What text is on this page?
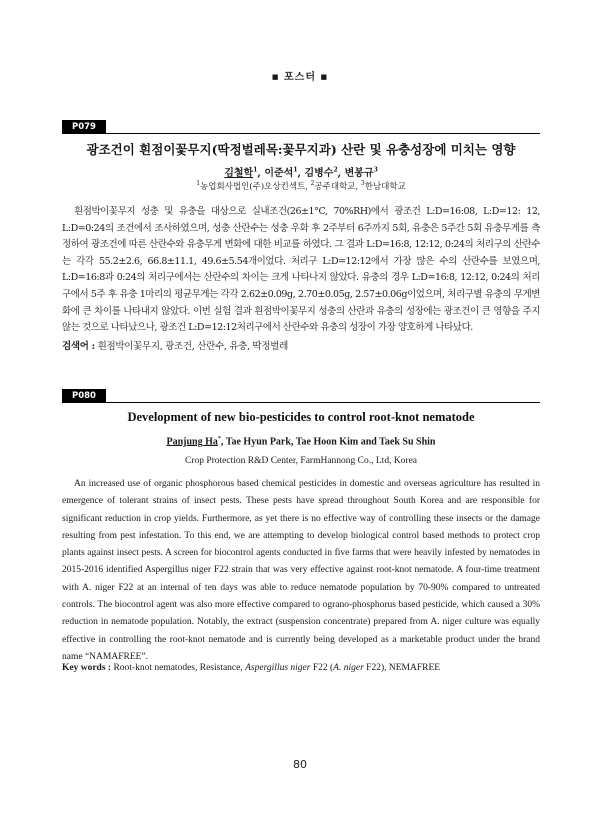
■ 포스터 ■
P079
광조건이 흰점이꽃무지(딱정벌레목:꽃무지과) 산란 및 유충성장에 미치는 영향
김철학$^1$, 이준석$^1$, 김병수$^2$, 변봉규$^3$
$^1$농업회사법인(주)오상킨섹트, $^2$공주대학교, $^3$한남대학교
흰점박이꽃무지 성충 및 유충을 대상으로 실내조건(26±1°C, 70%RH)에서 광조건 L:D=16:08, L:D=12: 12, L:D=0:24의 조건에서 조사하였으며, 성충 산란수는 성충 우화 후 2주부터 6주까지 5회, 유충은 5주간 5회 유충무게를 측정하여 광조건에 따른 산란수와 유충무게 변화에 대한 비교를 하였다. 그 결과 L:D=16:8, 12:12, 0:24의 처리구의 산란수는 각각 55.2±2.6, 66.8±11.1, 49.6±5.54개이었다. 처리구 L:D=12:12에서 가장 많은 수의 산란수를 보였으며, L:D=16:8과 0:24의 처리구에서는 산란수의 차이는 크게 나타나지 않았다. 유충의 경우 L:D=16:8, 12:12, 0:24의 처리구에서 5주 후 유충 1마리의 평균무게는 각각 2.62±0.09g, 2.70±0.05g, 2.57±0.06g이었으며, 처리구별 유충의 무게변화에 큰 차이를 나타내지 않았다. 이번 실험 결과 흰점박이꽃무지 성충의 산란과 유충의 성장에는 광조건이 큰 영향을 주지 않는 것으로 나타났으나, 광조건 L:D=12:12처리구에서 산란수와 유충의 성장이 가장 양호하게 나타났다.
검색어 : 흰점박이꽃무지, 광조건, 산란수, 유충, 딱정벌레
P080
Development of new bio-pesticides to control root-knot nematode
Panjung Ha*, Tae Hyun Park, Tae Hoon Kim and Taek Su Shin
Crop Protection R&D Center, FarmHannong Co., Ltd, Korea
An increased use of organic phosphorous based chemical pesticides in domestic and overseas agriculture has resulted in emergence of tolerant strains of insect pests. These pests have spread throughout South Korea and are responsible for significant reduction in crop yields. Furthermore, as yet there is no effective way of controlling these insects or the damage resulting from pest infestation. To this end, we are attempting to develop biological control based methods to protect crop plants against insect pests. A screen for biocontrol agents conducted in five farms that were heavily infested by nematodes in 2015-2016 identified Aspergillus niger F22 strain that was very effective against root-knot nematode. A four-time treatment with A. niger F22 at an internal of ten days was able to reduce nematode population by 70-90% compared to untreated controls. The biocontrol agent was also more effective compared to ograno-phosphorus based pesticide, which caused a 30% reduction in nematode population. Notably, the extract (suspension concentrate) prepared from A. niger culture was equally effective in controlling the root-knot nematode and is currently being developed as a marketable product under the brand name “NAMAFREE”.
Key words : Root-knot nematodes, Resistance, Aspergillus niger F22 (A. niger F22), NEMAFREE
80
